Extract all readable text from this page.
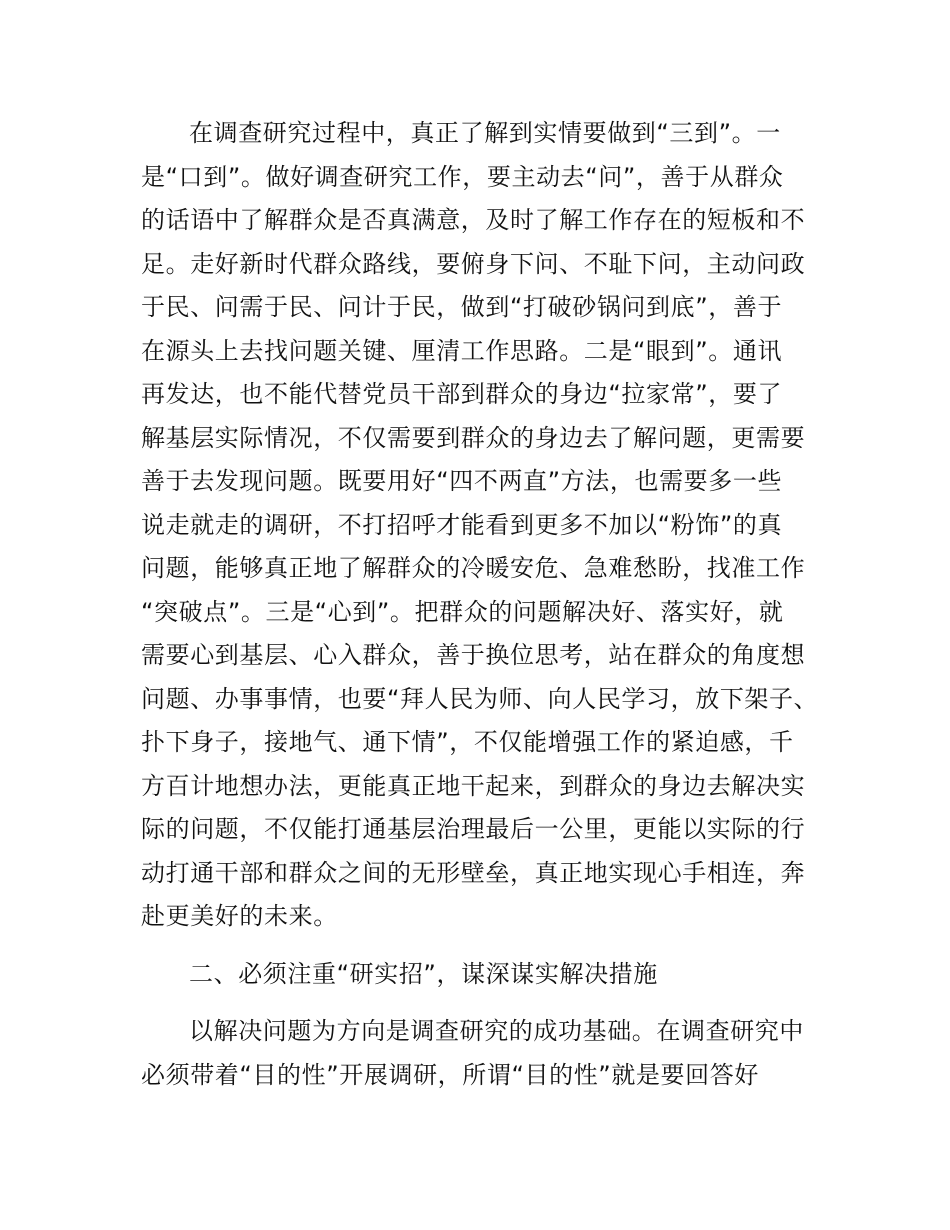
在调查研究过程中，真正了解到实情要做到“三到”。一
是“口到”。做好调查研究工作，要主动去“问”，善于从群众
的话语中了解群众是否真满意，及时了解工作存在的短板和不
足。走好新时代群众路线，要俯身下问、不耻下问，主动问政
于民、问需于民、问计于民，做到“打破砂锅问到底”，善于
在源头上去找问题关键、厘清工作思路。二是“眼到”。通讯
再发达，也不能代替党员干部到群众的身边“拉家常”，要了
解基层实际情况，不仅需要到群众的身边去了解问题，更需要
善于去发现问题。既要用好“四不两直”方法，也需要多一些
说走就走的调研，不打招呼才能看到更多不加以“粉饰”的真
问题，能够真正地了解群众的冷暖安危、急难愁盼，找准工作
“突破点”。三是“心到”。把群众的问题解决好、落实好，就
需要心到基层、心入群众，善于换位思考，站在群众的角度想
问题、办事事情，也要“拜人民为师、向人民学习，放下架子、
扑下身子，接地气、通下情”，不仅能增强工作的紧迫感，千
方百计地想办法，更能真正地干起来，到群众的身边去解决实
际的问题，不仅能打通基层治理最后一公里，更能以实际的行
动打通干部和群众之间的无形壁垒，真正地实现心手相连，奔
赴更美好的未来。
二、必须注重“研实招”，谋深谋实解决措施
以解决问题为方向是调查研究的成功基础。在调查研究中
必须带着“目的性”开展调研，所谓“目的性”就是要回答好
